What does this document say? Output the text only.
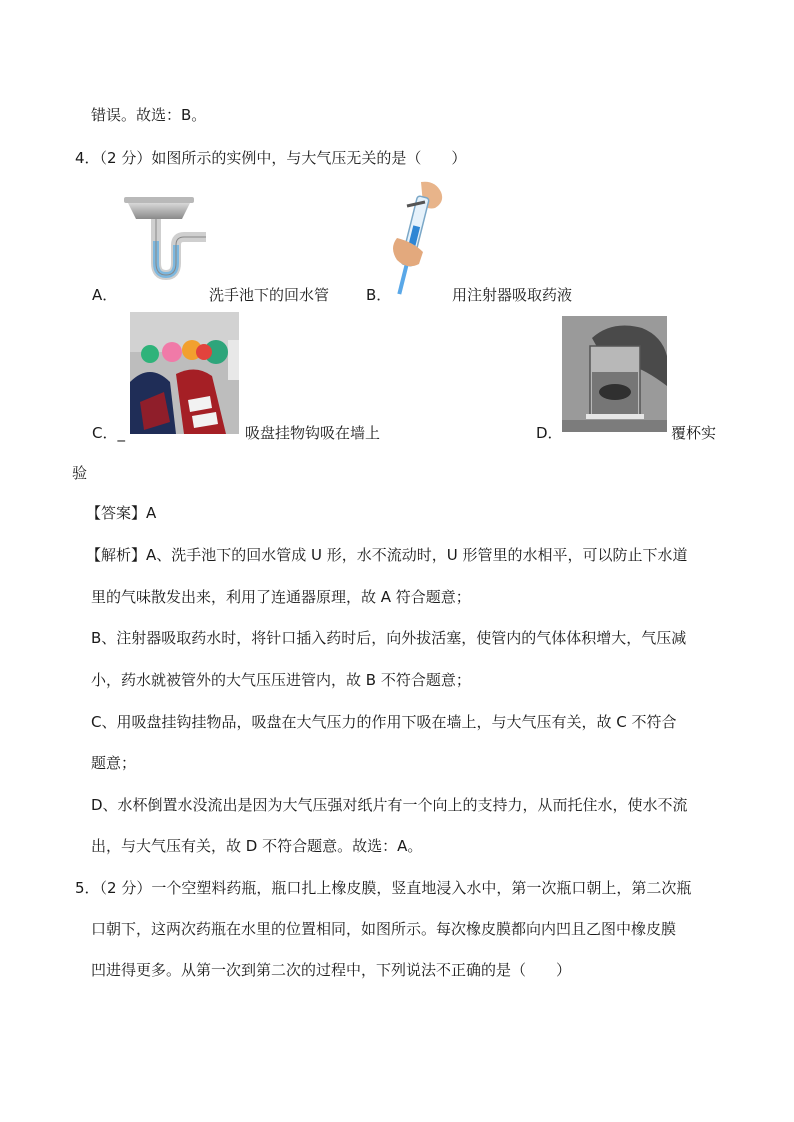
错误。故选：B。
4．（2 分）如图所示的实例中，与大气压无关的是（　　）
A．	洗手池下的回水管 B．	用注射器吸取药液
C．_	吸盘挂物钩吸在墙上	D．	覆杯实
验
【答案】A
【解析】A、洗手池下的回水管成 U 形，水不流动时，U 形管里的水相平，可以防止下水道
里的气味散发出来，利用了连通器原理，故 A 符合题意；
B、注射器吸取药水时，将针口插入药时后，向外拔活塞，使管内的气体体积增大，气压减
小，药水就被管外的大气压压进管内，故 B 不符合题意；
C、用吸盘挂钩挂物品，吸盘在大气压力的作用下吸在墙上，与大气压有关，故 C 不符合
题意；
D、水杯倒置水没流出是因为大气压强对纸片有一个向上的支持力，从而托住水，使水不流
出，与大气压有关，故 D 不符合题意。故选：A。
5．（2 分）一个空塑料药瓶，瓶口扎上橡皮膜，竖直地浸入水中，第一次瓶口朝上，第二次瓶
口朝下，这两次药瓶在水里的位置相同，如图所示。每次橡皮膜都向内凹且乙图中橡皮膜
凹进得更多。从第一次到第二次的过程中，下列说法不正确的是（　　）
